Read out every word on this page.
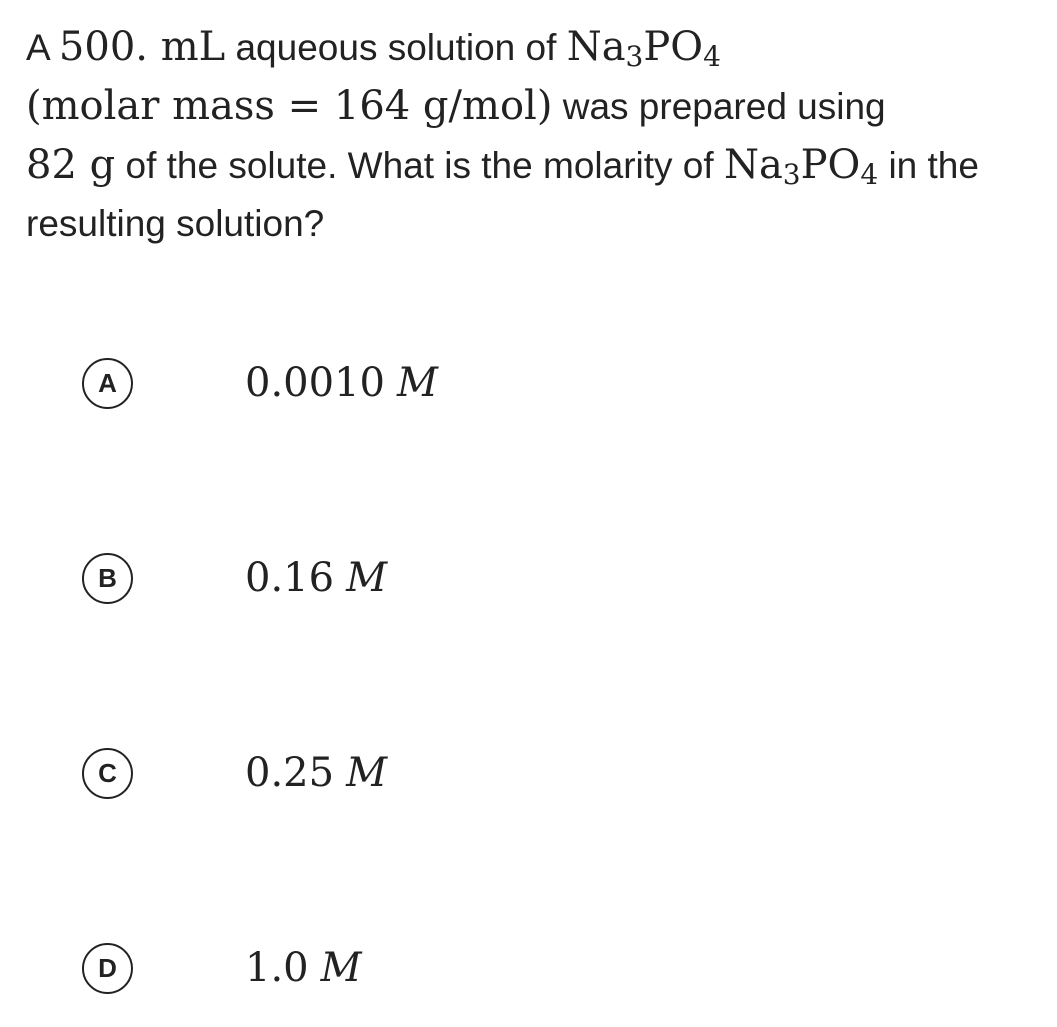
A 500. mL aqueous solution of $Na_3PO_4$
(molar mass = 164 g/mol) was prepared using
82 g of the solute. What is the molarity of $Na_3PO_4$ in the resulting solution?
A	0.0010 M
B	0.16 M
C	0.25 M
D	1.0 M
